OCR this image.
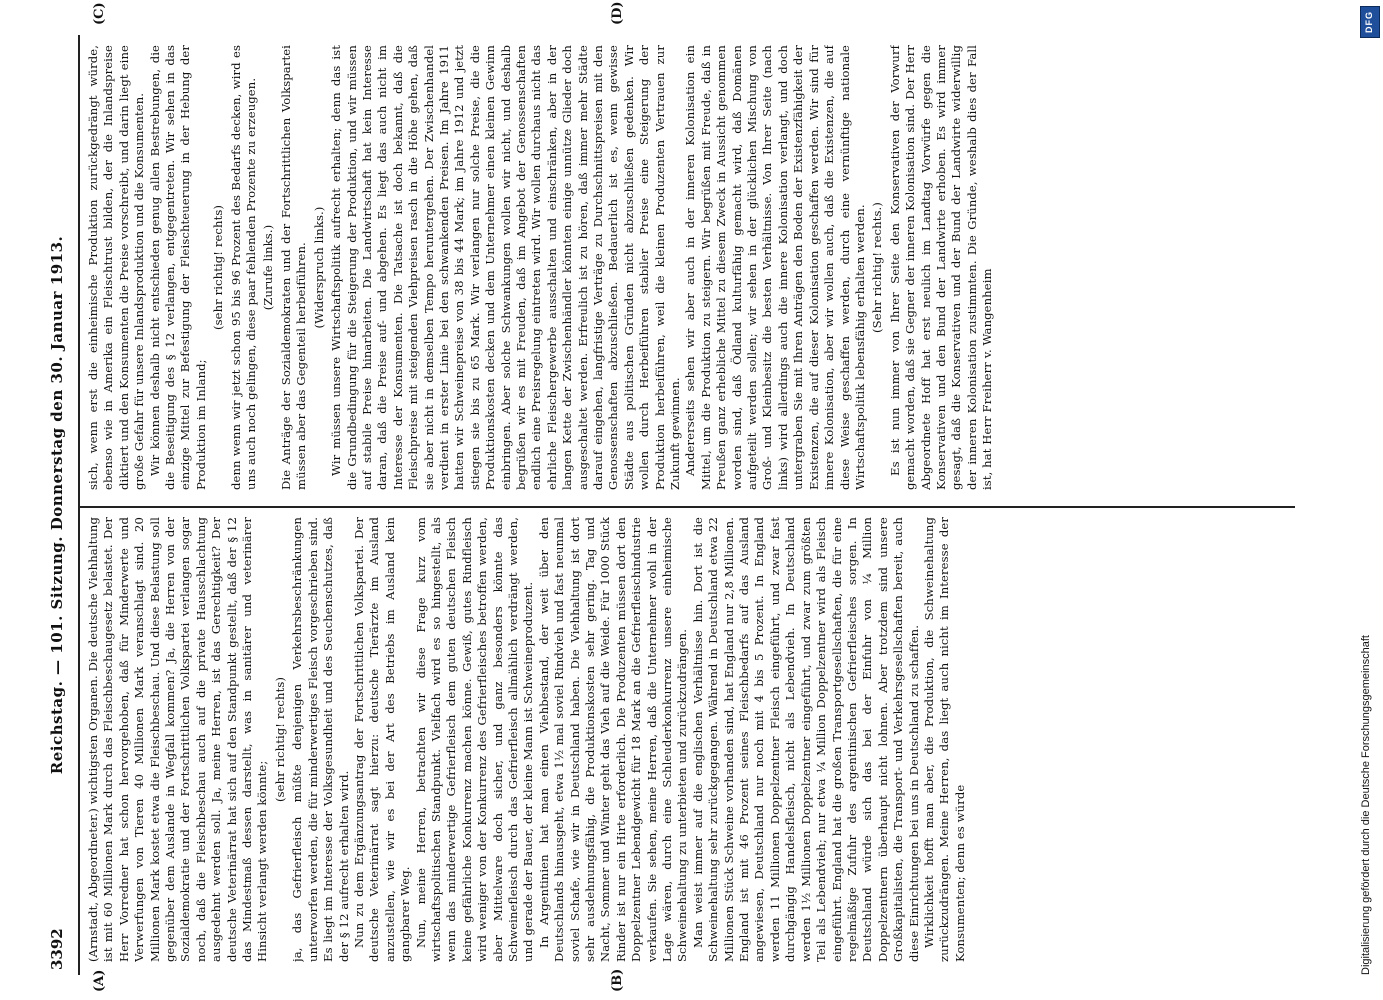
3392
Reichstag. — 101. Sitzung. Donnerstag den 30. Januar 1913.
(A)	(B)
(C)	(D)

(Arnstadt, Abgeordneter.) wichtigsten Organen. Die deutsche Viehhaltung ist mit 60 Millionen Mark durch das Fleischbeschaugesetz belastet. Der Herr Vorredner hat schon hervorgehoben, daß für Minderwerte und Verwerfungen von Tieren 40 Millionen Mark veranschlagt sind. 20 Millionen Mark kostet etwa die Fleischbeschau. Und diese Belastung soll gegenüber dem Auslande in Wegfall kommen? Ja, die Herren von der Sozialdemokratie und der Fortschrittlichen Volkspartei verlangen sogar noch, daß die Fleischbeschau auch auf die private Hausschlachtung ausgedehnt werden soll. Ja, meine Herren, ist das Gerechtigkeit? Der deutsche Veterinärrat hat sich auf den Standpunkt gestellt, daß der § 12 das Mindestmaß dessen darstellt, was in sanitärer und veterinärer Hinsicht verlangt werden könnte;

(sehr richtig! rechts) ja, das Gefrierfleisch müßte denjenigen Verkehrsbeschränkungen unterworfen werden, die für minderwertiges Fleisch vorgeschrieben sind. Es liegt im Interesse der Volksgesundheit und des Seuchenschutzes, daß der § 12 aufrecht erhalten wird. Nun zu dem Ergänzungsantrag der Fortschrittlichen Volkspartei. Der deutsche Veterinärrat sagt hierzu: deutsche Tierärzte im Ausland anzustellen, wie wir es bei der Art des Betriebs im Ausland kein gangbarer Weg. Nun, meine Herren, betrachten wir diese Frage kurz vom wirtschaftspolitischen Standpunkt. Vielfach wird es so hingestellt, als wenn das minderwertige Gefrierfleisch dem guten deutschen Fleisch keine gefährliche Konkurrenz machen könne. Gewiß, gutes Rindfleisch wird weniger von der Konkurrenz des Gefrierfleisches betroffen werden, aber Mittelware doch sicher, und ganz besonders könnte das Schweinefleisch durch das Gefrierfleisch allmählich verdrängt werden, und gerade der Bauer, der kleine Mann ist Schweineproduzent. In Argentinien hat man einen Viehbestand, der weit über den Deutschlands hinausgeht, etwa 1½ mal soviel Rindvieh und fast neunmal soviel Schafe, wie wir in Deutschland haben. Die Viehhaltung ist dort sehr ausdehnungsfähig, die Produktionskosten sehr gering. Tag und Nacht, Sommer und Winter geht das Vieh auf die Weide. Für 1000 Stück Rinder ist nur ein Hirte erforderlich. Die Produzenten müssen dort den Doppelzentner Lebendgewicht für 18 Mark an die Gefrierfleischindustrie verkaufen. Sie sehen, meine Herren, daß die Unternehmer wohl in der Lage wären, durch eine Schleuderkonkurrenz unsere einheimische Schweinehaltung zu unterbieten und zurückzudrängen. Man weist immer auf die englischen Verhältnisse hin. Dort ist die Schweinehaltung sehr zurückgegangen. Während in Deutschland etwa 22 Millionen Stück Schweine vorhanden sind, hat England nur 2,8 Millionen. England ist mit 46 Prozent seines Fleischbedarfs auf das Ausland angewiesen, Deutschland nur noch mit 4 bis 5 Prozent. In England werden 11 Millionen Doppelzentner Fleisch eingeführt, und zwar fast durchgängig Handelsfleisch, nicht als Lebendvieh. In Deutschland werden 1½ Millionen Doppelzentner eingeführt, und zwar zum größten Teil als Lebendvieh; nur etwa ¼ Million Doppelzentner wird als Fleisch eingeführt. England hat die großen Transportgesellschaften, die für eine regelmäßige Zufuhr des argentinischen Gefrierfleisches sorgen. In Deutschland würde sich das bei der Einfuhr von ¼ Million Doppelzentnern überhaupt nicht lohnen. Aber trotzdem sind unsere Großkapitalisten, die Transport- und Verkehrsgesellschaften bereit, auch diese Einrichtungen bei uns in Deutschland zu schaffen. Wirklichkeit hofft man aber, die Produktion, die Schweinehaltung zurückzudrängen. Meine Herren, das liegt auch nicht im Interesse der Konsumenten; denn es würde

sich, wenn erst die einheimische Produktion zurückgedrängt würde, ebenso wie in Amerika ein Fleischtrust bilden, der die Inlandspreise diktiert und den Konsumenten die Preise vorschreibt, und darin liegt eine große Gefahr für unsere Inlandsproduktion und die Konsumenten. Wir können deshalb nicht entschieden genug allen Bestrebungen, die die Beseitigung des § 12 verlangen, entgegentreten. Wir sehen in das einzige Mittel zur Befestigung der Fleischteuerung in der Hebung der Produktion im Inland;

(sehr richtig! rechts) denn wenn wir jetzt schon 95 bis 96 Prozent des Bedarfs decken, wird es uns auch noch gelingen, diese paar fehlenden Prozente zu erzeugen. (Zurufe links.) Die Anträge der Sozialdemokraten und der Fortschrittlichen Volkspartei müssen aber das Gegenteil herbeiführen. (Widerspruch links.) Wir müssen unsere Wirtschaftspolitik aufrecht erhalten; denn das ist die Grundbedingung für die Steigerung der Produktion, und wir müssen auf stabile Preise hinarbeiten. Die Landwirtschaft hat kein Interesse daran, daß die Preise auf- und abgehen. Es liegt das auch nicht im Interesse der Konsumenten. Die Tatsache ist doch bekannt, daß die Fleischpreise mit steigenden Viehpreisen rasch in die Höhe gehen, daß sie aber nicht in demselben Tempo heruntergehen. Der Zwischenhandel verdient in erster Linie bei den schwankenden Preisen. Im Jahre 1911 hatten wir Schweinepreise von 38 bis 44 Mark; im Jahre 1912 und jetzt stiegen sie bis zu 65 Mark. Wir verlangen nur solche Preise, die die Produktionskosten decken und dem Unternehmer einen kleinen Gewinn einbringen. Aber solche Schwankungen wollen wir nicht, und deshalb begrüßen wir es mit Freuden, daß im Angebot der Genossenschaften endlich eine Preisregelung eintreten wird. Wir wollen durchaus nicht das ehrliche Fleischergewerbe ausschalten und einschränken, aber in der langen Kette der Zwischenhändler könnten einige unnütze Glieder doch ausgeschaltet werden. Erfreulich ist zu hören, daß immer mehr Städte darauf eingehen, langfristige Verträge zu Durchschnittspreisen mit den Genossenschaften abzuschließen. Bedauerlich ist es, wenn gewisse Städte aus politischen Gründen nicht abzuschließen gedenken. Wir wollen durch Herbeiführen stabiler Preise eine Steigerung der Produktion herbeiführen, weil die kleinen Produzenten Vertrauen zur Zukunft gewinnen. Andererseits sehen wir aber auch in der inneren Kolonisation ein Mittel, um die Produktion zu steigern. Wir begrüßen mit Freude, daß in Preußen ganz erhebliche Mittel zu diesem Zweck in Aussicht genommen worden sind, daß Ödland kulturfähig gemacht wird, daß Domänen aufgeteilt werden sollen; wir sehen in der glücklichen Mischung von Groß- und Kleinbesitz die besten Verhältnisse. Von Ihrer Seite (nach links) wird allerdings auch die innere Kolonisation verlangt, und doch untergraben Sie mit Ihren Anträgen den Boden der Existenzfähigkeit der Existenzen, die auf dieser Kolonisation geschaffen werden. Wir sind für innere Kolonisation, aber wir wollen auch, daß die Existenzen, die auf diese Weise geschaffen werden, durch eine vernünftige nationale Wirtschaftspolitik lebensfähig erhalten werden. (Sehr richtig! rechts.) Es ist nun immer von Ihrer Seite den Konservativen der Vorwurf gemacht worden, daß sie Gegner der inneren Kolonisation sind. Der Herr Abgeordnete Hoff hat erst neulich im Landtag Vorwürfe gegen die Konservativen und den Bund der Landwirte erhoben. Es wird immer gesagt, daß die Konservativen und der Bund der Landwirte widerwillig der inneren Kolonisation zustimmten. Die Gründe, weshalb dies der Fall ist, hat Herr Freiherr v. Wangenheim

DFG
Digitalisierung gefördert durch die Deutsche Forschungsgemeinschaft
